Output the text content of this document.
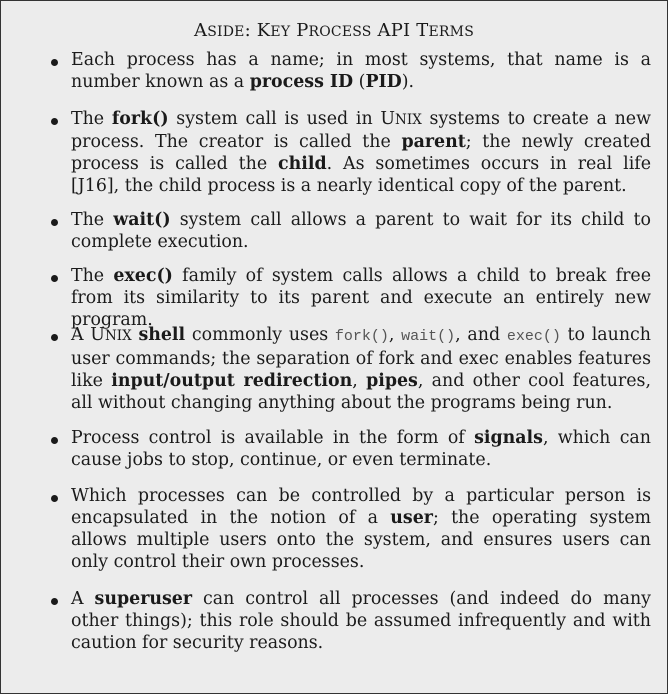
ASIDE: KEY PROCESS API TERMS

Each process has a name; in most systems, that name is a number known as a process ID (PID).

The fork() system call is used in UNIX systems to create a new process. The creator is called the parent; the newly created process is called the child. As sometimes occurs in real life [J16], the child process is a nearly identical copy of the parent.

The wait() system call allows a parent to wait for its child to complete execution.

The exec() family of system calls allows a child to break free from its similarity to its parent and execute an entirely new program.

A UNIX shell commonly uses fork(), wait(), and exec() to launch user commands; the separation of fork and exec enables features like input/output redirection, pipes, and other cool features, all without changing anything about the programs being run.

Process control is available in the form of signals, which can cause jobs to stop, continue, or even terminate.

Which processes can be controlled by a particular person is encapsulated in the notion of a user; the operating system allows multiple users onto the system, and ensures users can only control their own processes.

A superuser can control all processes (and indeed do many other things); this role should be assumed infrequently and with caution for security reasons.
